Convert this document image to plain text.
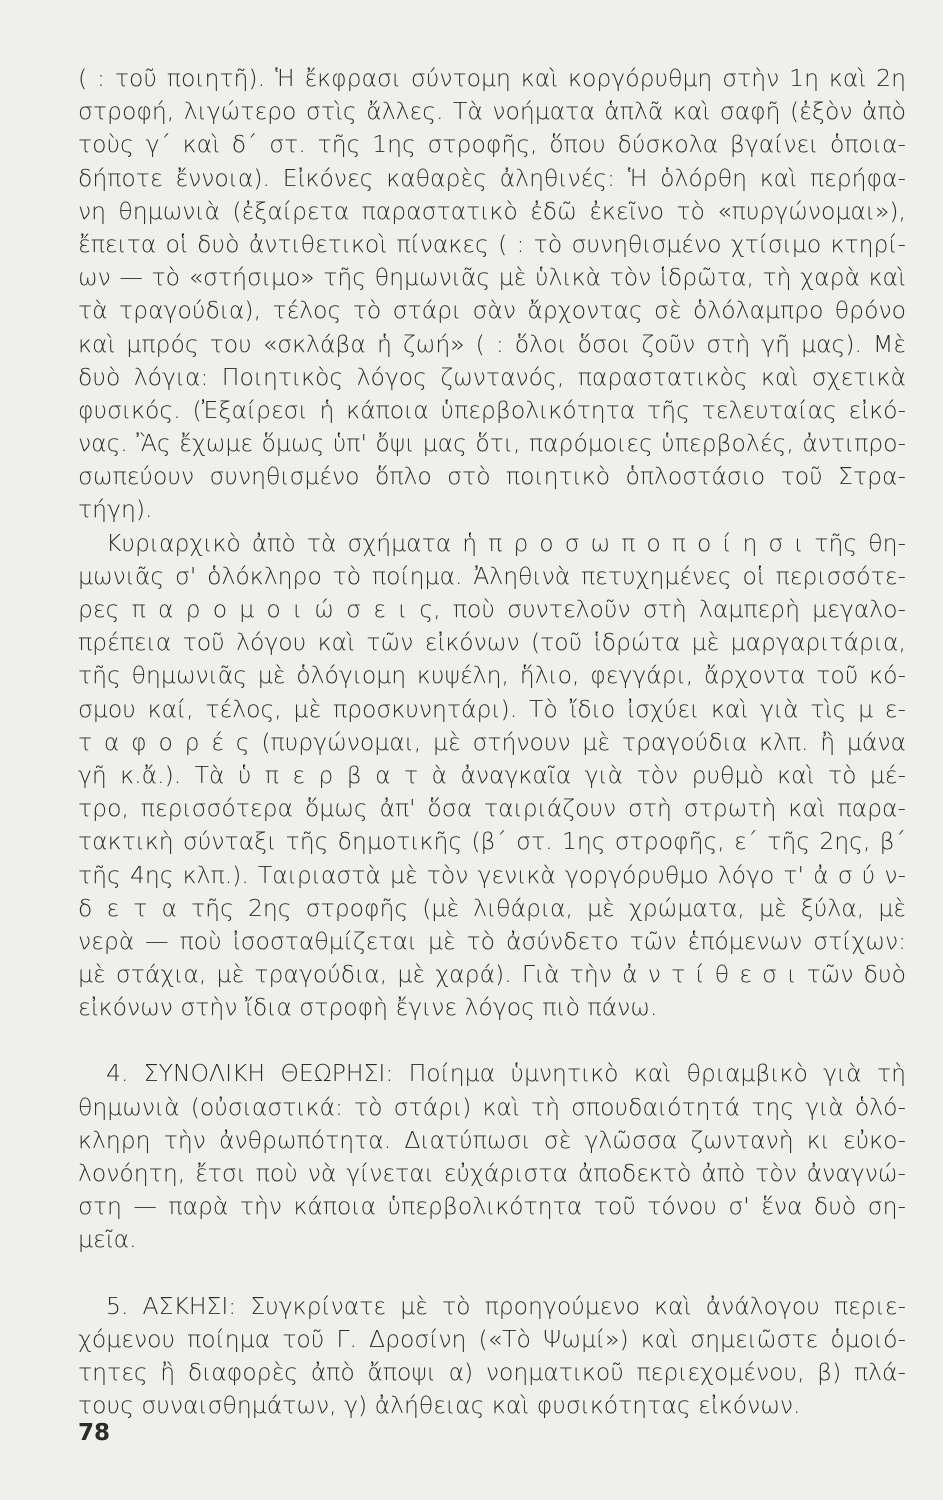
( : τοῦ ποιητῆ). Ἡ ἔκφρασι σύντομη καὶ κοργόρυθμη στὴν 1η καὶ 2η
στροφή, λιγώτερο στὶς ἄλλες. Τὰ νοήματα ἁπλᾶ καὶ σαφῆ (ἐξὸν ἀπὸ
τοὺς γ´ καὶ δ´ στ. τῆς 1ης στροφῆς, ὅπου δύσκολα βγαίνει ὁποια-
δήποτε ἔννοια). Εἰκόνες καθαρὲς ἀληθινές: Ἡ ὁλόρθη καὶ περήφα-
νη θημωνιὰ (ἐξαίρετα παραστατικὸ ἐδῶ ἐκεῖνο τὸ «πυργώνομαι»),
ἔπειτα οἱ δυὸ ἀντιθετικοὶ πίνακες ( : τὸ συνηθισμένο χτίσιμο κτηρί-
ων — τὸ «στήσιμο» τῆς θημωνιᾶς μὲ ὑλικὰ τὸν ἱδρῶτα, τὴ χαρὰ καὶ
τὰ τραγούδια), τέλος τὸ στάρι σὰν ἄρχοντας σὲ ὁλόλαμπρο θρόνο
καὶ μπρός του «σκλάβα ἡ ζωή» ( : ὅλοι ὅσοι ζοῦν στὴ γῆ μας). Μὲ
δυὸ λόγια: Ποιητικὸς λόγος ζωντανός, παραστατικὸς καὶ σχετικὰ
φυσικός. (Ἐξαίρεσι ἡ κάποια ὑπερβολικότητα τῆς τελευταίας εἰκό-
νας. Ἂς ἔχωμε ὅμως ὑπ' ὄψι μας ὅτι, παρόμοιες ὑπερβολές, ἀντιπρο-
σωπεύουν συνηθισμένο ὅπλο στὸ ποιητικὸ ὁπλοστάσιο τοῦ Στρα-
τήγη).
Κυριαρχικὸ ἀπὸ τὰ σχήματα ἡ π ρ ο σ ω π ο π ο ί η σ ι τῆς θη-
μωνιᾶς σ' ὁλόκληρο τὸ ποίημα. Ἀληθινὰ πετυχημένες οἱ περισσότε-
ρες π α ρ ο μ ο ι ώ σ ε ι ς, ποὺ συντελοῦν στὴ λαμπερὴ μεγαλο-
πρέπεια τοῦ λόγου καὶ τῶν εἰκόνων (τοῦ ἱδρώτα μὲ μαργαριτάρια,
τῆς θημωνιᾶς μὲ ὁλόγιομη κυψέλη, ἥλιο, φεγγάρι, ἄρχοντα τοῦ κό-
σμου καί, τέλος, μὲ προσκυνητάρι). Τὸ ἴδιο ἰσχύει καὶ γιὰ τὶς μ ε-
τ α φ ο ρ έ ς (πυργώνομαι, μὲ στήνουν μὲ τραγούδια κλπ. ἢ μάνα
γῆ κ.ἄ.). Τὰ ὑ π ε ρ β α τ ὰ ἀναγκαῖα γιὰ τὸν ρυθμὸ καὶ τὸ μέ-
τρο, περισσότερα ὅμως ἀπ' ὅσα ταιριάζουν στὴ στρωτὴ καὶ παρα-
τακτικὴ σύνταξι τῆς δημοτικῆς (β´ στ. 1ης στροφῆς, ε´ τῆς 2ης, β´
τῆς 4ης κλπ.). Ταιριαστὰ μὲ τὸν γενικὰ γοργόρυθμο λόγο τ' ἀ σ ύ ν-
δ ε τ α τῆς 2ης στροφῆς (μὲ λιθάρια, μὲ χρώματα, μὲ ξύλα, μὲ
νερὰ — ποὺ ἰσοσταθμίζεται μὲ τὸ ἀσύνδετο τῶν ἑπόμενων στίχων:
μὲ στάχια, μὲ τραγούδια, μὲ χαρά). Γιὰ τὴν ἀ ν τ ί θ ε σ ι τῶν δυὸ
εἰκόνων στὴν ἴδια στροφὴ ἔγινε λόγος πιὸ πάνω.
4. ΣΥΝΟΛΙΚΗ ΘΕΩΡΗΣΙ: Ποίημα ὑμνητικὸ καὶ θριαμβικὸ γιὰ τὴ
θημωνιὰ (οὐσιαστικά: τὸ στάρι) καὶ τὴ σπουδαιότητά της γιὰ ὁλό-
κληρη τὴν ἀνθρωπότητα. Διατύπωσι σὲ γλῶσσα ζωντανὴ κι εὐκο-
λονόητη, ἔτσι ποὺ νὰ γίνεται εὐχάριστα ἀποδεκτὸ ἀπὸ τὸν ἀναγνώ-
στη — παρὰ τὴν κάποια ὑπερβολικότητα τοῦ τόνου σ' ἕνα δυὸ ση-
μεῖα.
5. ΑΣΚΗΣΙ: Συγκρίνατε μὲ τὸ προηγούμενο καὶ ἀνάλογου περιε-
χόμενου ποίημα τοῦ Γ. Δροσίνη («Τὸ Ψωμί») καὶ σημειῶστε ὁμοιό-
τητες ἢ διαφορὲς ἀπὸ ἄποψι α) νοηματικοῦ περιεχομένου, β) πλά-
τους συναισθημάτων, γ) ἀλήθειας καὶ φυσικότητας εἰκόνων.
78
